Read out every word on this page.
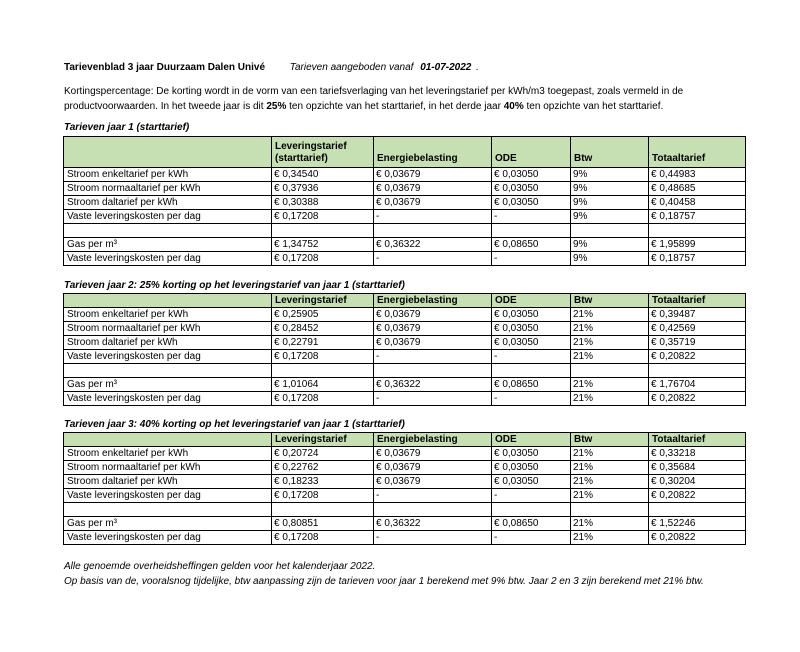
Tarievenblad 3 jaar Duurzaam Dalen Univé Tarieven aangeboden vanaf 01-07-2022 .
Kortingspercentage: De korting wordt in de vorm van een tariefsverlaging van het leveringstarief per kWh/m3 toegepast, zoals vermeld in de productvoorwaarden. In het tweede jaar is dit 25% ten opzichte van het starttarief, in het derde jaar 40% ten opzichte van het starttarief.
Tarieven jaar 1 (starttarief)
	Leveringstarief (starttarief)	Energiebelasting	ODE	Btw	Totaaltarief
Stroom enkeltarief per kWh	€ 0,34540	€ 0,03679	€ 0,03050	9%	€ 0,44983
Stroom normaaltarief per kWh	€ 0,37936	€ 0,03679	€ 0,03050	9%	€ 0,48685
Stroom daltarief per kWh	€ 0,30388	€ 0,03679	€ 0,03050	9%	€ 0,40458
Vaste leveringskosten per dag	€ 0,17208	-	-	9%	€ 0,18757

Gas per m³	€ 1,34752	€ 0,36322	€ 0,08650	9%	€ 1,95899
Vaste leveringskosten per dag	€ 0,17208	-	-	9%	€ 0,18757
Tarieven jaar 2: 25% korting op het leveringstarief van jaar 1 (starttarief)
	Leveringstarief	Energiebelasting	ODE	Btw	Totaaltarief
Stroom enkeltarief per kWh	€ 0,25905	€ 0,03679	€ 0,03050	21%	€ 0,39487
Stroom normaaltarief per kWh	€ 0,28452	€ 0,03679	€ 0,03050	21%	€ 0,42569
Stroom daltarief per kWh	€ 0,22791	€ 0,03679	€ 0,03050	21%	€ 0,35719
Vaste leveringskosten per dag	€ 0,17208	-	-	21%	€ 0,20822

Gas per m³	€ 1,01064	€ 0,36322	€ 0,08650	21%	€ 1,76704
Vaste leveringskosten per dag	€ 0,17208	-	-	21%	€ 0,20822
Tarieven jaar 3: 40% korting op het leveringstarief van jaar 1 (starttarief)
	Leveringstarief	Energiebelasting	ODE	Btw	Totaaltarief
Stroom enkeltarief per kWh	€ 0,20724	€ 0,03679	€ 0,03050	21%	€ 0,33218
Stroom normaaltarief per kWh	€ 0,22762	€ 0,03679	€ 0,03050	21%	€ 0,35684
Stroom daltarief per kWh	€ 0,18233	€ 0,03679	€ 0,03050	21%	€ 0,30204
Vaste leveringskosten per dag	€ 0,17208	-	-	21%	€ 0,20822

Gas per m³	€ 0,80851	€ 0,36322	€ 0,08650	21%	€ 1,52246
Vaste leveringskosten per dag	€ 0,17208	-	-	21%	€ 0,20822
Alle genoemde overheidsheffingen gelden voor het kalenderjaar 2022.
Op basis van de, vooralsnog tijdelijke, btw aanpassing zijn de tarieven voor jaar 1 berekend met 9% btw. Jaar 2 en 3 zijn berekend met 21% btw.
